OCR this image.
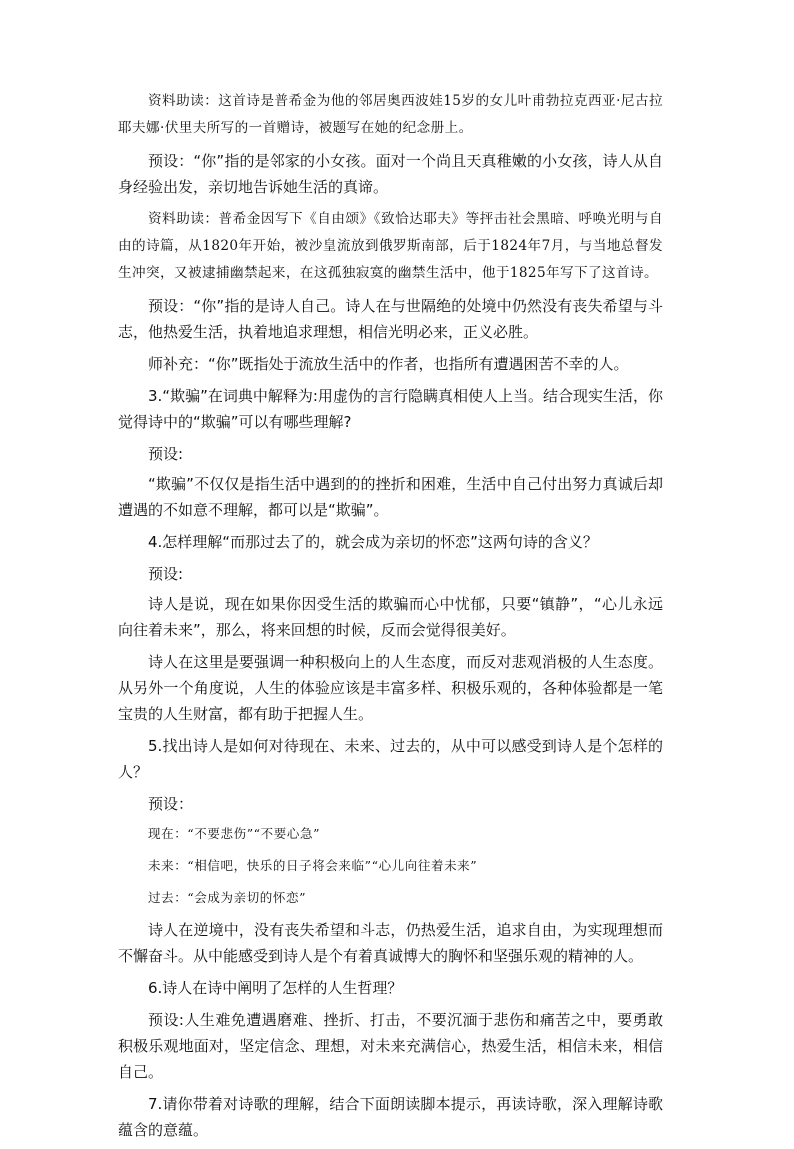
资料助读：这首诗是普希金为他的邻居奥西波娃15岁的女儿叶甫勃拉克西亚·尼古拉耶夫娜·伏里夫所写的一首赠诗，被题写在她的纪念册上。

预设：“你”指的是邻家的小女孩。面对一个尚且天真稚嫩的小女孩，诗人从自身经验出发，亲切地告诉她生活的真谛。

资料助读：普希金因写下《自由颂》《致恰达耶夫》等抨击社会黑暗、呼唤光明与自由的诗篇，从1820年开始，被沙皇流放到俄罗斯南部，后于1824年7月，与当地总督发生冲突，又被逮捕幽禁起来，在这孤独寂寞的幽禁生活中，他于1825年写下了这首诗。

预设：“你”指的是诗人自己。诗人在与世隔绝的处境中仍然没有丧失希望与斗志，他热爱生活，执着地追求理想，相信光明必来，正义必胜。

师补充：“你”既指处于流放生活中的作者，也指所有遭遇困苦不幸的人。

3.“欺骗”在词典中解释为:用虚伪的言行隐瞒真相使人上当。结合现实生活，你觉得诗中的“欺骗”可以有哪些理解?

预设:

“欺骗”不仅仅是指生活中遇到的的挫折和困难，生活中自己付出努力真诚后却遭遇的不如意不理解，都可以是“欺骗”。

4.怎样理解“而那过去了的，就会成为亲切的怀恋”这两句诗的含义？

预设:

诗人是说，现在如果你因受生活的欺骗而心中忧郁，只要“镇静”，“心儿永远向往着未来”，那么，将来回想的时候，反而会觉得很美好。

诗人在这里是要强调一种积极向上的人生态度，而反对悲观消极的人生态度。从另外一个角度说，人生的体验应该是丰富多样、积极乐观的，各种体验都是一笔宝贵的人生财富，都有助于把握人生。

5.找出诗人是如何对待现在、未来、过去的，从中可以感受到诗人是个怎样的人？

预设：

现在：“不要悲伤”“不要心急”

未来：“相信吧，快乐的日子将会来临”“心儿向往着未来”

过去：“会成为亲切的怀恋”

诗人在逆境中，没有丧失希望和斗志，仍热爱生活，追求自由，为实现理想而不懈奋斗。从中能感受到诗人是个有着真诚博大的胸怀和坚强乐观的精神的人。

6.诗人在诗中阐明了怎样的人生哲理？

预设:人生难免遭遇磨难、挫折、打击，不要沉湎于悲伤和痛苦之中，要勇敢积极乐观地面对，坚定信念、理想，对未来充满信心，热爱生活，相信未来，相信自己。

7.请你带着对诗歌的理解，结合下面朗读脚本提示，再读诗歌，深入理解诗歌蕴含的意蕴。
